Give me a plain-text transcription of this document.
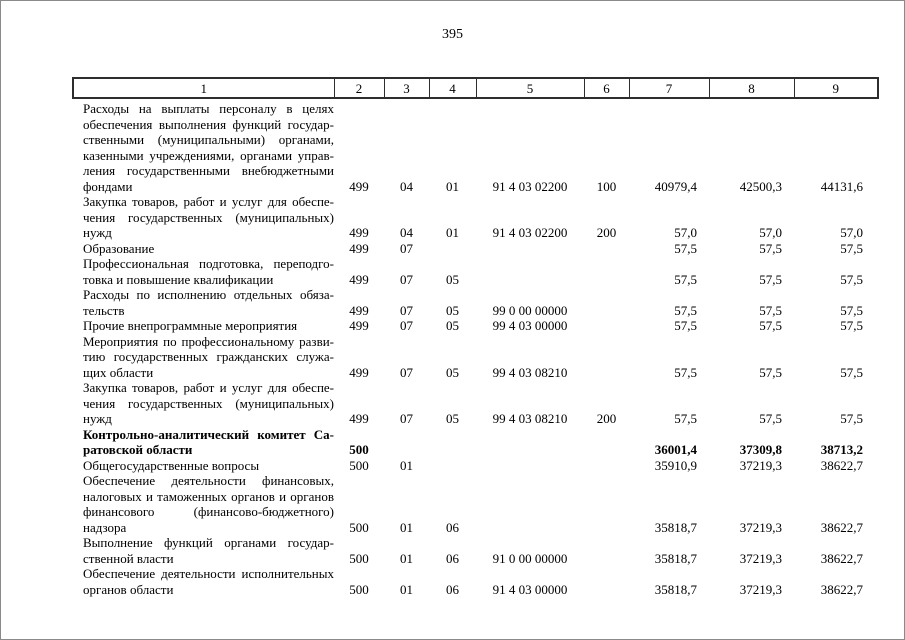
395
1	2	3	4	5	6	7	8	9

Расходы на выплаты персоналу в целях
обеспечения выполнения функций государ-
ственными (муниципальными) органами,
казенными учреждениями, органами управ-
ления государственными внебюджетными
фондами	499	04	01	91 4 03 02200	100	40979,4	42500,3	44131,6

Закупка товаров, работ и услуг для обеспе-
чения государственных (муниципальных)
нужд	499	04	01	91 4 03 02200	200	57,0	57,0	57,0

Образование	499	07				57,5	57,5	57,5

Профессиональная подготовка, переподго-
товка и повышение квалификации	499	07	05			57,5	57,5	57,5

Расходы по исполнению отдельных обяза-
тельств	499	07	05	99 0 00 00000		57,5	57,5	57,5

Прочие внепрограммные мероприятия	499	07	05	99 4 03 00000		57,5	57,5	57,5

Мероприятия по профессиональному разви-
тию государственных гражданских служа-
щих области	499	07	05	99 4 03 08210		57,5	57,5	57,5

Закупка товаров, работ и услуг для обеспе-
чения государственных (муниципальных)
нужд	499	07	05	99 4 03 08210	200	57,5	57,5	57,5

Контрольно-аналитический комитет Са-
ратовской области	500					36001,4	37309,8	38713,2

Общегосударственные вопросы	500	01				35910,9	37219,3	38622,7

Обеспечение деятельности финансовых,
налоговых и таможенных органов и органов
финансового (финансово-бюджетного)
надзора	500	01	06			35818,7	37219,3	38622,7

Выполнение функций органами государ-
ственной власти	500	01	06	91 0 00 00000		35818,7	37219,3	38622,7

Обеспечение деятельности исполнительных
органов области	500	01	06	91 4 03 00000		35818,7	37219,3	38622,7
